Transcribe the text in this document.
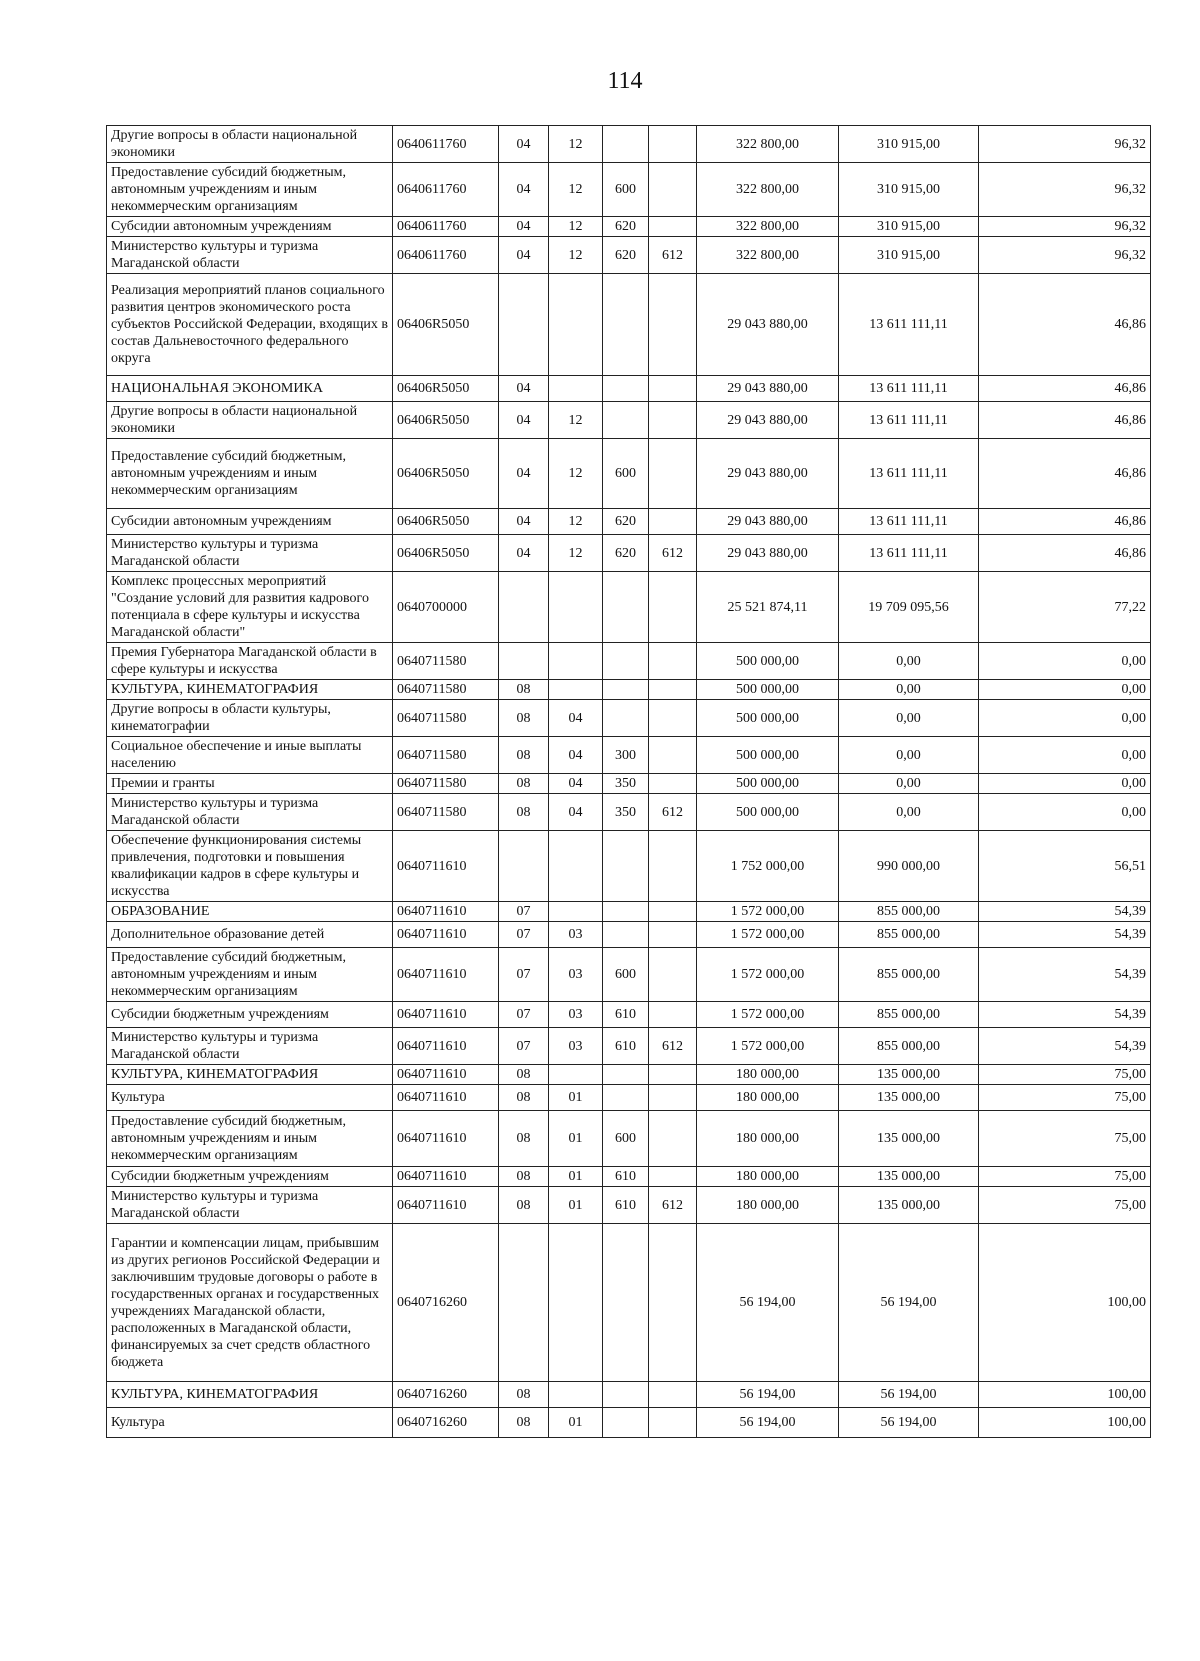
114
Другие вопросы в области национальной экономики	0640611760	04	12			322 800,00	310 915,00	96,32
Предоставление субсидий бюджетным, автономным учреждениям и иным некоммерческим организациям	0640611760	04	12	600		322 800,00	310 915,00	96,32
Субсидии автономным учреждениям	0640611760	04	12	620		322 800,00	310 915,00	96,32
Министерство культуры и туризма Магаданской области	0640611760	04	12	620	612	322 800,00	310 915,00	96,32
Реализация мероприятий планов социального развития центров экономического роста субъектов Российской Федерации, входящих в состав Дальневосточного федерального округа	06406R5050					29 043 880,00	13 611 111,11	46,86
НАЦИОНАЛЬНАЯ ЭКОНОМИКА	06406R5050	04				29 043 880,00	13 611 111,11	46,86
Другие вопросы в области национальной экономики	06406R5050	04	12			29 043 880,00	13 611 111,11	46,86
Предоставление субсидий бюджетным, автономным учреждениям и иным некоммерческим организациям	06406R5050	04	12	600		29 043 880,00	13 611 111,11	46,86
Субсидии автономным учреждениям	06406R5050	04	12	620		29 043 880,00	13 611 111,11	46,86
Министерство культуры и туризма Магаданской области	06406R5050	04	12	620	612	29 043 880,00	13 611 111,11	46,86
Комплекс процессных мероприятий "Создание условий для развития кадрового потенциала в сфере культуры и искусства Магаданской области"	0640700000					25 521 874,11	19 709 095,56	77,22
Премия Губернатора Магаданской области в сфере культуры и искусства	0640711580					500 000,00	0,00	0,00
КУЛЬТУРА, КИНЕМАТОГРАФИЯ	0640711580	08				500 000,00	0,00	0,00
Другие вопросы в области культуры, кинематографии	0640711580	08	04			500 000,00	0,00	0,00
Социальное обеспечение и иные выплаты населению	0640711580	08	04	300		500 000,00	0,00	0,00
Премии и гранты	0640711580	08	04	350		500 000,00	0,00	0,00
Министерство культуры и туризма Магаданской области	0640711580	08	04	350	612	500 000,00	0,00	0,00
Обеспечение функционирования системы привлечения, подготовки и повышения квалификации кадров в сфере культуры и искусства	0640711610					1 752 000,00	990 000,00	56,51
ОБРАЗОВАНИЕ	0640711610	07				1 572 000,00	855 000,00	54,39
Дополнительное образование детей	0640711610	07	03			1 572 000,00	855 000,00	54,39
Предоставление субсидий бюджетным, автономным учреждениям и иным некоммерческим организациям	0640711610	07	03	600		1 572 000,00	855 000,00	54,39
Субсидии бюджетным учреждениям	0640711610	07	03	610		1 572 000,00	855 000,00	54,39
Министерство культуры и туризма Магаданской области	0640711610	07	03	610	612	1 572 000,00	855 000,00	54,39
КУЛЬТУРА, КИНЕМАТОГРАФИЯ	0640711610	08				180 000,00	135 000,00	75,00
Культура	0640711610	08	01			180 000,00	135 000,00	75,00
Предоставление субсидий бюджетным, автономным учреждениям и иным некоммерческим организациям	0640711610	08	01	600		180 000,00	135 000,00	75,00
Субсидии бюджетным учреждениям	0640711610	08	01	610		180 000,00	135 000,00	75,00
Министерство культуры и туризма Магаданской области	0640711610	08	01	610	612	180 000,00	135 000,00	75,00
Гарантии и компенсации лицам, прибывшим из других регионов Российской Федерации и заключившим трудовые договоры о работе в государственных органах и государственных учреждениях Магаданской области, расположенных в Магаданской области, финансируемых за счет средств областного бюджета	0640716260					56 194,00	56 194,00	100,00
КУЛЬТУРА, КИНЕМАТОГРАФИЯ	0640716260	08				56 194,00	56 194,00	100,00
Культура	0640716260	08	01			56 194,00	56 194,00	100,00
